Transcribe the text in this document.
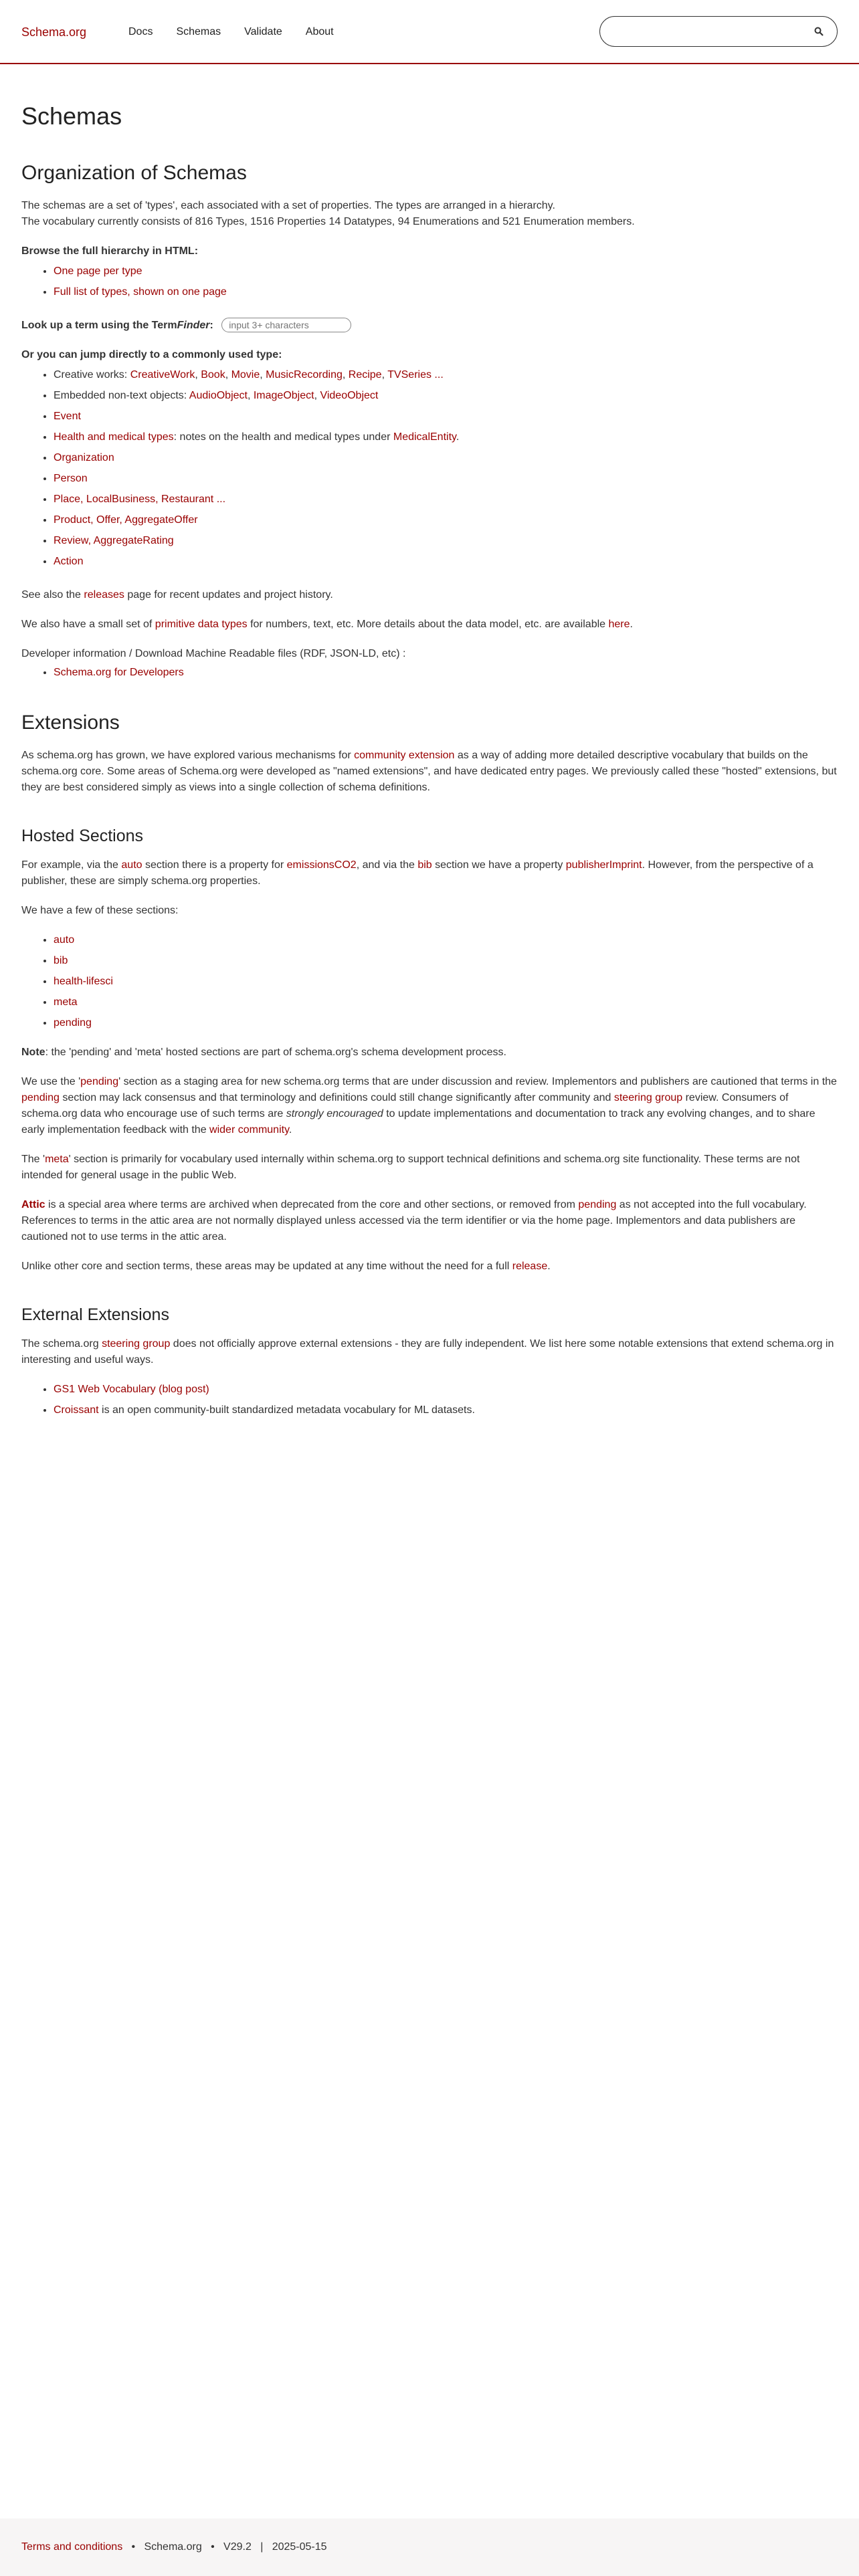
Schema.org	Docs Schemas Validate About
Schemas
Organization of Schemas

The schemas are a set of 'types', each associated with a set of properties. The types are arranged in a hierarchy.
The vocabulary currently consists of 816 Types, 1516 Properties 14 Datatypes, 94 Enumerations and 521 Enumeration members.

Browse the full hierarchy in HTML:

• One page per type
• Full list of types, shown on one page

Look up a term using the TermFinder: input 3+ characters

Or you can jump directly to a commonly used type:

• Creative works: CreativeWork, Book, Movie, MusicRecording, Recipe, TVSeries ...
• Embedded non-text objects: AudioObject, ImageObject, VideoObject
• Event
• Health and medical types: notes on the health and medical types under MedicalEntity.
• Organization
• Person
• Place, LocalBusiness, Restaurant ...
• Product, Offer, AggregateOffer
• Review, AggregateRating
• Action

See also the releases page for recent updates and project history.

We also have a small set of primitive data types for numbers, text, etc. More details about the data model, etc. are available here.

Developer information / Download Machine Readable files (RDF, JSON-LD, etc) :

• Schema.org for Developers
Extensions

As schema.org has grown, we have explored various mechanisms for community extension as a way of adding more detailed descriptive vocabulary that builds on the schema.org core. Some areas of Schema.org were developed as "named extensions", and have dedicated entry pages. We previously called these "hosted" extensions, but they are best considered simply as views into a single collection of schema definitions.

Hosted Sections

For example, via the auto section there is a property for emissionsCO2, and via the bib section we have a property publisherImprint. However, from the perspective of a publisher, these are simply schema.org properties.

We have a few of these sections:

• auto
• bib
• health-lifesci
• meta
• pending

Note: the 'pending' and 'meta' hosted sections are part of schema.org's schema development process.

We use the 'pending' section as a staging area for new schema.org terms that are under discussion and review. Implementors and publishers are cautioned that terms in the pending section may lack consensus and that terminology and definitions could still change significantly after community and steering group review. Consumers of schema.org data who encourage use of such terms are strongly encouraged to update implementations and documentation to track any evolving changes, and to share early implementation feedback with the wider community.

The 'meta' section is primarily for vocabulary used internally within schema.org to support technical definitions and schema.org site functionality. These terms are not intended for general usage in the public Web.

Attic is a special area where terms are archived when deprecated from the core and other sections, or removed from pending as not accepted into the full vocabulary. References to terms in the attic area are not normally displayed unless accessed via the term identifier or via the home page. Implementors and data publishers are cautioned not to use terms in the attic area.

Unlike other core and section terms, these areas may be updated at any time without the need for a full release.

External Extensions

The schema.org steering group does not officially approve external extensions - they are fully independent. We list here some notable extensions that extend schema.org in interesting and useful ways.

• GS1 Web Vocabulary (blog post)
• Croissant is an open community-built standardized metadata vocabulary for ML datasets.
Terms and conditions • Schema.org • V29.2 | 2025-05-15
